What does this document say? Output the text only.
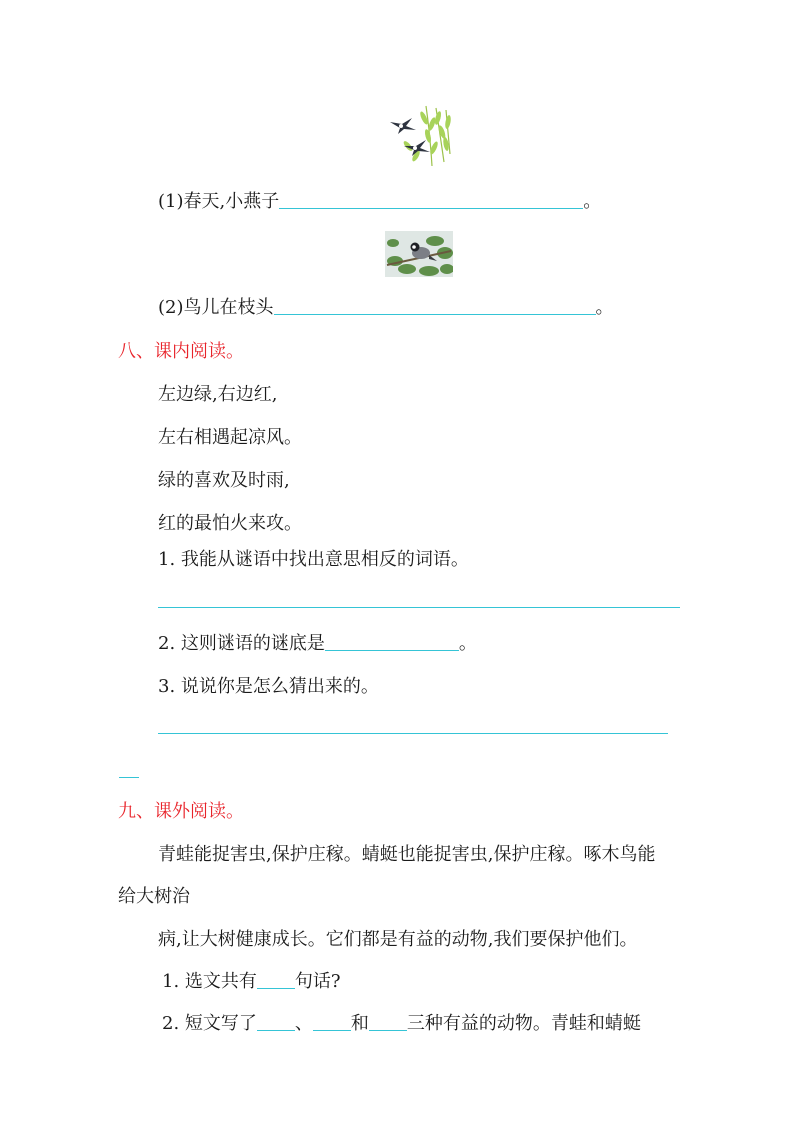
(1)春天,小燕子	。
(2)鸟儿在枝头	。
八、课内阅读。
左边绿,右边红,
左右相遇起凉风。
绿的喜欢及时雨,
红的最怕火来攻。
1. 我能从谜语中找出意思相反的词语。
2. 这则谜语的谜底是	。
3. 说说你是怎么猜出来的。
九、课外阅读。
青蛙能捉害虫,保护庄稼。蜻蜓也能捉害虫,保护庄稼。啄木鸟能
给大树治
病,让大树健康成长。它们都是有益的动物,我们要保护他们。
1. 选文共有 句话?
2. 短文写了 、 和 三种有益的动物。青蛙和蜻蜓
